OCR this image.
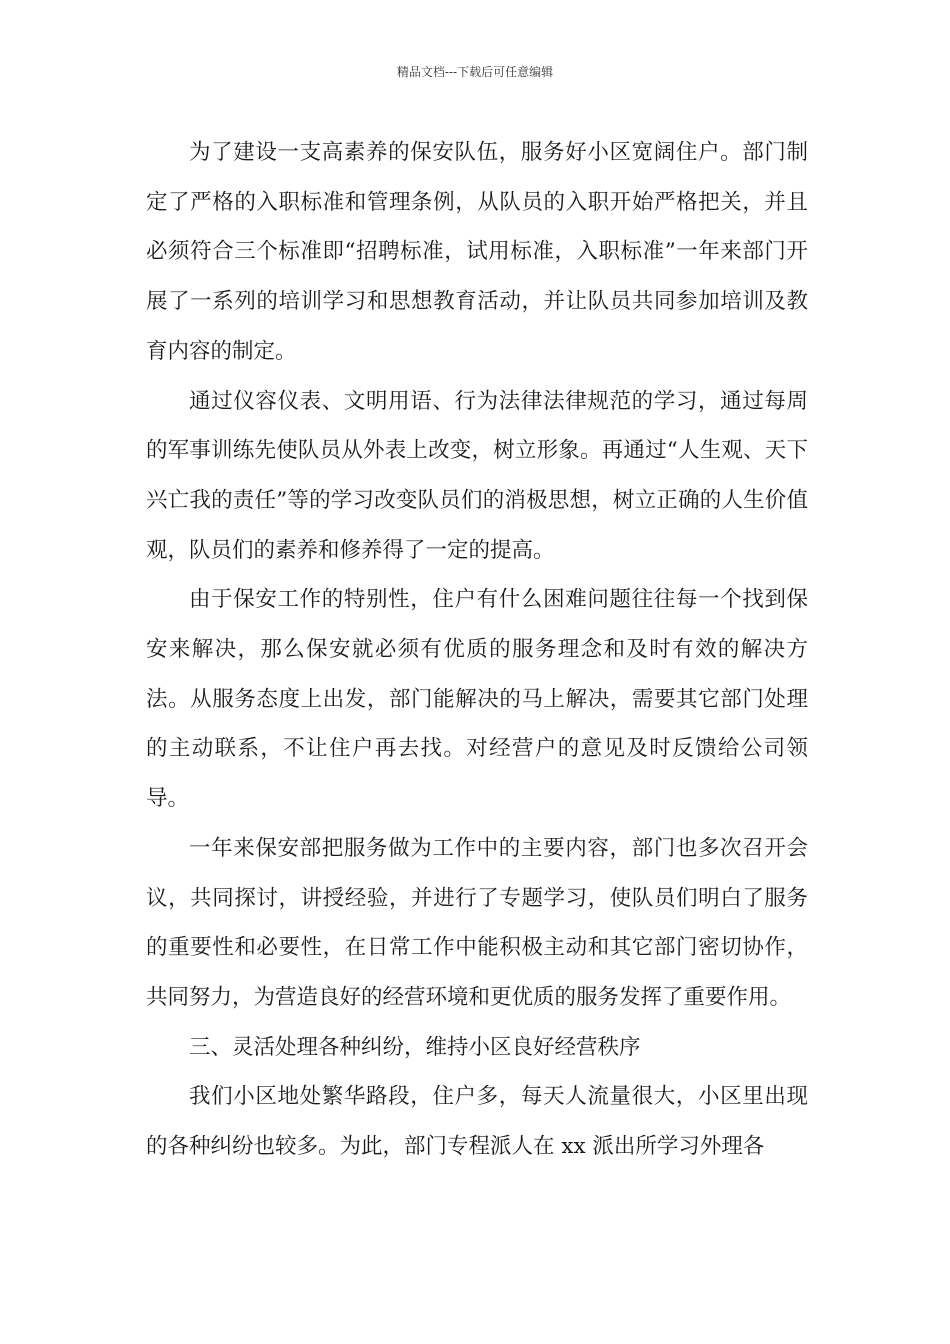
精品文档---下载后可任意编辑

为了建设一支高素养的保安队伍，服务好小区宽阔住户。部门制定了严格的入职标准和管理条例，从队员的入职开始严格把关，并且必须符合三个标准即“招聘标准，试用标准，入职标准”一年来部门开展了一系列的培训学习和思想教育活动，并让队员共同参加培训及教育内容的制定。

通过仪容仪表、文明用语、行为法律法律规范的学习，通过每周的军事训练先使队员从外表上改变，树立形象。再通过“人生观、天下兴亡我的责任”等的学习改变队员们的消极思想，树立正确的人生价值观，队员们的素养和修养得了一定的提高。

由于保安工作的特别性，住户有什么困难问题往往每一个找到保安来解决，那么保安就必须有优质的服务理念和及时有效的解决方法。从服务态度上出发，部门能解决的马上解决，需要其它部门处理的主动联系，不让住户再去找。对经营户的意见及时反馈给公司领导。

一年来保安部把服务做为工作中的主要内容，部门也多次召开会议，共同探讨，讲授经验，并进行了专题学习，使队员们明白了服务的重要性和必要性，在日常工作中能积极主动和其它部门密切协作，共同努力，为营造良好的经营环境和更优质的服务发挥了重要作用。

三、灵活处理各种纠纷，维持小区良好经营秩序

我们小区地处繁华路段，住户多，每天人流量很大，小区里出现的各种纠纷也较多。为此，部门专程派人在 xx 派出所学习外理各
